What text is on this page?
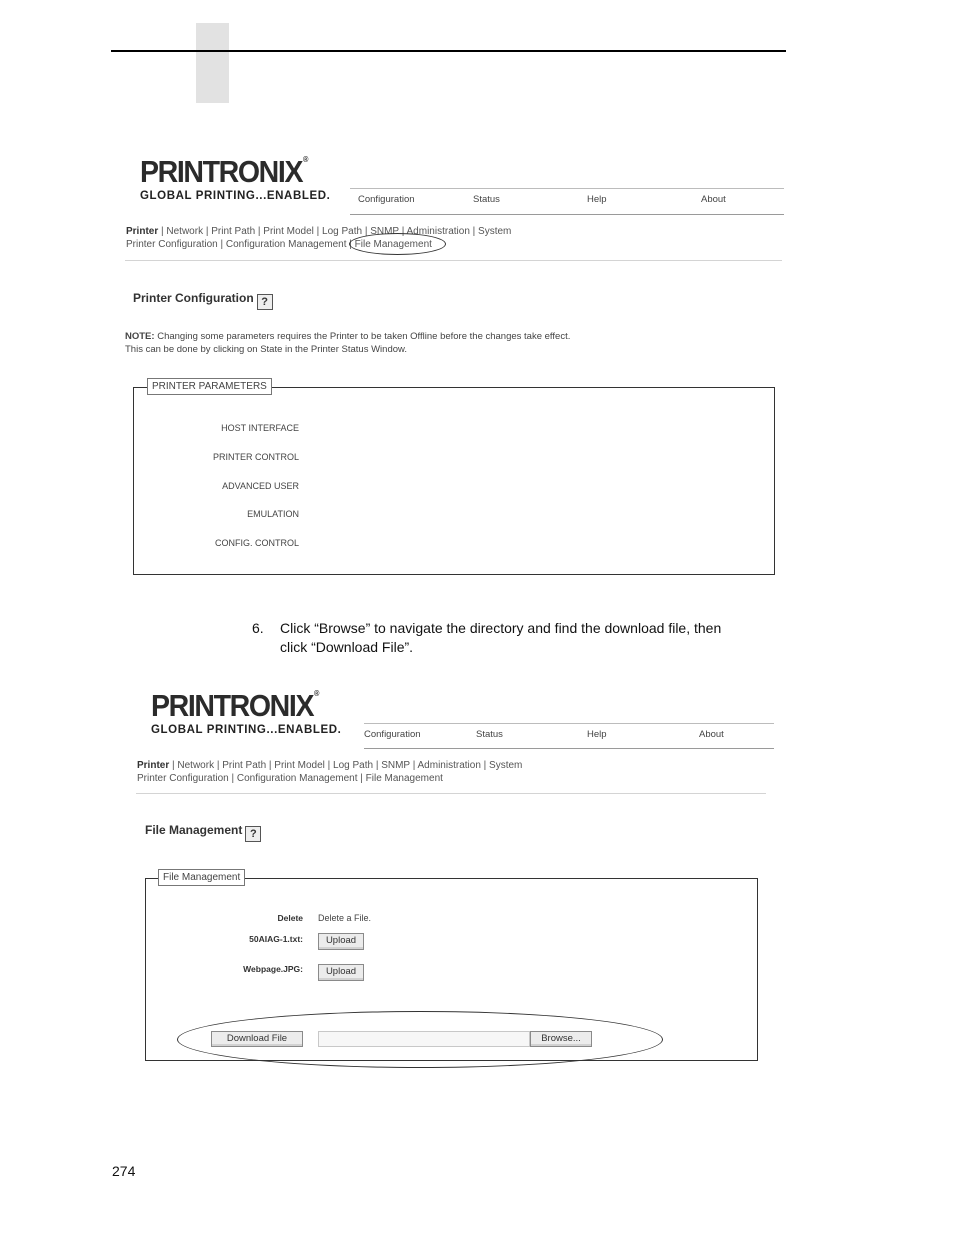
PRINTRONIX®
GLOBAL PRINTING...ENABLED.	Configuration	Status	Help	About
Printer | Network | Print Path | Print Model | Log Path | SNMP | Administration | System
Printer Configuration | Configuration Management | File Management
Printer Configuration ?
NOTE: Changing some parameters requires the Printer to be taken Offline before the changes take effect.
This can be done by clicking on State in the Printer Status Window.
PRINTER PARAMETERS
HOST INTERFACE
PRINTER CONTROL
ADVANCED USER
EMULATION
CONFIG. CONTROL
6. Click “Browse” to navigate the directory and find the download file, then
click “Download File”.
PRINTRONIX®
GLOBAL PRINTING...ENABLED. Configuration	Status	Help	About
Printer | Network | Print Path | Print Model | Log Path | SNMP | Administration | System
Printer Configuration | Configuration Management | File Management
File Management ?
File Management
Delete Delete a File.
50AIAG-1.txt:	Upload
Webpage.JPG:	Upload
Download File	Browse...
274
